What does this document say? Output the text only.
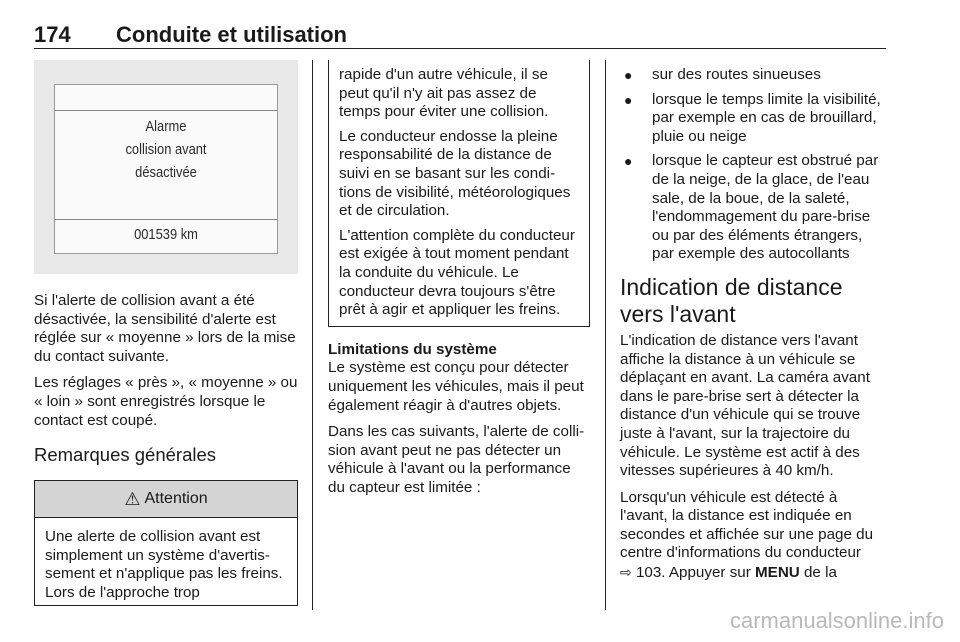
174 Conduite et utilisation
Alarme
collision avant
désactivée
001539 km

Si l'alerte de collision avant a été désactivée, la sensibilité d'alerte est réglée sur « moyenne » lors de la mise du contact suivante.

Les réglages « près », « moyenne » ou « loin » sont enregistrés lorsque le contact est coupé.

Remarques générales
⚠ Attention

Une alerte de collision avant est simplement un système d'avertissement et n'applique pas les freins. Lors de l'approche trop

rapide d'un autre véhicule, il se peut qu'il n'y ait pas assez de temps pour éviter une collision.

Le conducteur endosse la pleine responsabilité de la distance de suivi en se basant sur les conditions de visibilité, météorologiques et de circulation.

L'attention complète du conducteur est exigée à tout moment pendant la conduite du véhicule. Le conducteur devra toujours s'être prêt à agir et appliquer les freins.

Limitations du système

Le système est conçu pour détecter uniquement les véhicules, mais il peut également réagir à d'autres objets.

Dans les cas suivants, l'alerte de collision avant peut ne pas détecter un véhicule à l'avant ou la performance du capteur est limitée :

● sur des routes sinueuses
● lorsque le temps limite la visibilité, par exemple en cas de brouillard, pluie ou neige
● lorsque le capteur est obstrué par de la neige, de la glace, de l'eau sale, de la boue, de la saleté, l'endommagement du pare-brise ou par des éléments étrangers, par exemple des autocollants
Indication de distance vers l'avant

L'indication de distance vers l'avant affiche la distance à un véhicule se déplaçant en avant. La caméra avant dans le pare-brise sert à détecter la distance d'un véhicule qui se trouve juste à l'avant, sur la trajectoire du véhicule. Le système est actif à des vitesses supérieures à 40 km/h.

Lorsqu'un véhicule est détecté à l'avant, la distance est indiquée en secondes et affichée sur une page du centre d'informations du conducteur
⇨ 103. Appuyer sur MENU de la

carmanualsonline.info
